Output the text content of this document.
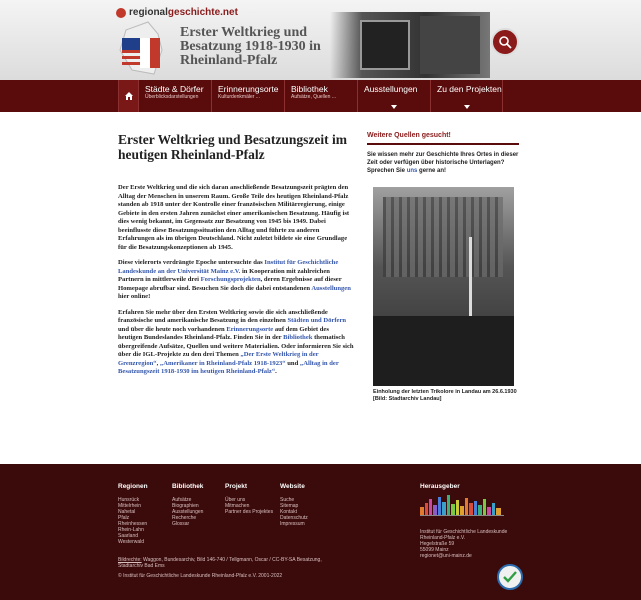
regionalgeschichte.net
Erster Weltkrieg und Besatzung 1918-1930 in Rheinland-Pfalz
Städte & Dörfer
Überblicksdarstellungen
Erinnerungsorte
Kulturdenkmäler ...
Bibliothek
Aufsätze, Quellen ...
Ausstellungen	Zu den Projekten
Erster Weltkrieg und Besatzungszeit im heutigen Rheinland-Pfalz

Der Erste Weltkrieg und die sich daran anschließende Besatzungszeit prägten den Alltag der Menschen in unserem Raum. Große Teile des heutigen Rheinland-Pfalz standen ab 1918 unter der Kontrolle einer französischen Militärregierung, einige Gebiete in den ersten Jahren zunächst einer amerikanischen Besatzung. Häufig ist dies wenig bekannt, im Gegensatz zur Besatzung von 1945 bis 1949. Dabei beeinflusste diese Besatzungssituation den Alltag und führte zu anderen Erfahrungen als im übrigen Deutschland. Nicht zuletzt bildete sie eine Grundlage für die Besatzungskonzeptionen ab 1945.

Diese vielerorts verdrängte Epoche untersuchte das Institut für Geschichtliche Landeskunde an der Universität Mainz e.V. in Kooperation mit zahlreichen Partnern in mittlerweile drei Forschungsprojekten, deren Ergebnisse auf dieser Homepage abrufbar sind. Besuchen Sie doch die dabei entstandenen Ausstellungen hier online!

Erfahren Sie mehr über den Ersten Weltkrieg sowie die sich anschließende französische und amerikanische Besatzung in den einzelnen Städten und Dörfern und über die heute noch vorhandenen Erinnerungsorte auf dem Gebiet des heutigen Bundeslandes Rheinland-Pfalz. Finden Sie in der Bibliothek thematisch übergreifende Aufsätze, Quellen und weitere Materialien. Oder informieren Sie sich über die IGL-Projekte zu den drei Themen „Der Erste Weltkrieg in der Grenzregion“, „Amerikaner in Rheinland-Pfalz 1918-1923“ und „Alltag in der Besatzungszeit 1918-1930 im heutigen Rheinland-Pfalz“.

Weitere Quellen gesucht!
Sie wissen mehr zur Geschichte Ihres Ortes in dieser Zeit oder verfügen über historische Unterlagen? Sprechen Sie uns gerne an!
Einholung der letzten Trikolore in Landau am 26.6.1930 [Bild: Stadtarchiv Landau]
Regionen
Hunsrück
Mittelrhein
Nahetal
Pfalz
Rheinhessen
Rhein-Lahn
Saarland
Westerwald
Bibliothek
Aufsätze
Biographien
Ausstellungen
Recherche
Glossar
Projekt
Über uns
Mitmachen
Partner des Projektes
Website
Suche
Sitemap
Kontakt
Datenschutz
Impressum
Herausgeber
Institut für Geschichtliche Landeskunde
Rheinland-Pfalz e.V.
Hegelstraße 59
55099 Mainz
regionet@uni-mainz.de
Bildrechte: Waggon, Bundesarchiv, Bild 146-740 / Tellgmann, Oscar / CC-BY-SA Besatzung, Stadtarchiv Bad Ems
© Institut für Geschichtliche Landeskunde Rheinland-Pfalz e.V. 2001-2022
